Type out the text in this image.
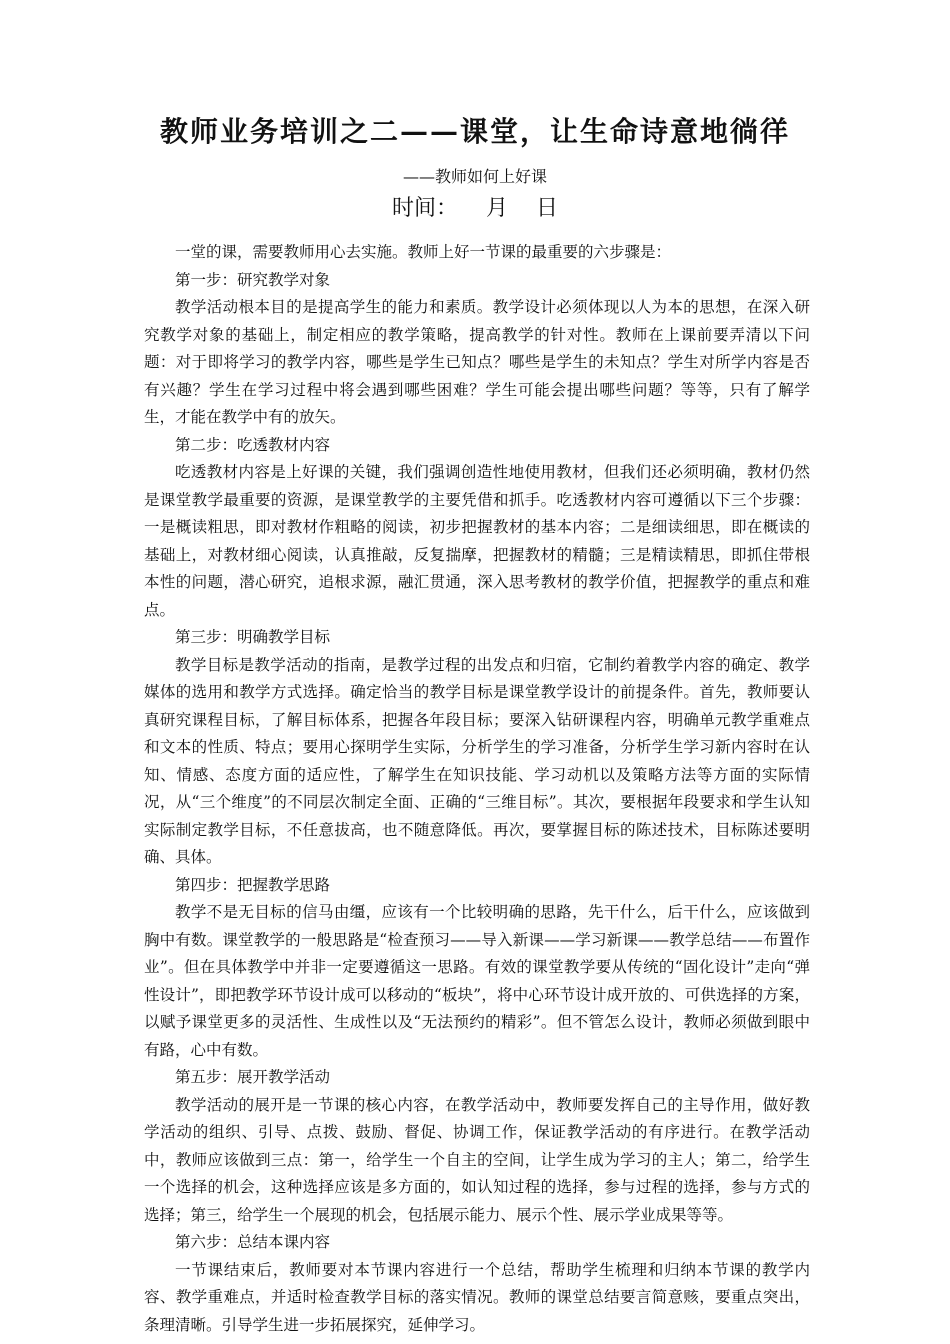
教师业务培训之二——课堂，让生命诗意地徜徉
——教师如何上好课
时间：    月    日

一堂的课，需要教师用心去实施。教师上好一节课的最重要的六步骤是：

第一步：研究教学对象

教学活动根本目的是提高学生的能力和素质。教学设计必须体现以人为本的思想，在深入研究教学对象的基础上，制定相应的教学策略，提高教学的针对性。教师在上课前要弄清以下问题：对于即将学习的教学内容，哪些是学生已知点？哪些是学生的未知点？学生对所学内容是否有兴趣？学生在学习过程中将会遇到哪些困难？学生可能会提出哪些问题？等等，只有了解学生，才能在教学中有的放矢。

第二步：吃透教材内容

吃透教材内容是上好课的关键，我们强调创造性地使用教材，但我们还必须明确，教材仍然是课堂教学最重要的资源，是课堂教学的主要凭借和抓手。吃透教材内容可遵循以下三个步骤：一是概读粗思，即对教材作粗略的阅读，初步把握教材的基本内容；二是细读细思，即在概读的基础上，对教材细心阅读，认真推敲，反复揣摩，把握教材的精髓；三是精读精思，即抓住带根本性的问题，潜心研究，追根求源，融汇贯通，深入思考教材的教学价值，把握教学的重点和难点。

第三步：明确教学目标

教学目标是教学活动的指南，是教学过程的出发点和归宿，它制约着教学内容的确定、教学媒体的选用和教学方式选择。确定恰当的教学目标是课堂教学设计的前提条件。首先，教师要认真研究课程目标，了解目标体系，把握各年段目标；要深入钻研课程内容，明确单元教学重难点和文本的性质、特点；要用心探明学生实际，分析学生的学习准备，分析学生学习新内容时在认知、情感、态度方面的适应性，了解学生在知识技能、学习动机以及策略方法等方面的实际情况，从“三个维度”的不同层次制定全面、正确的“三维目标”。其次，要根据年段要求和学生认知实际制定教学目标，不任意拔高，也不随意降低。再次，要掌握目标的陈述技术，目标陈述要明确、具体。

第四步：把握教学思路

教学不是无目标的信马由缰，应该有一个比较明确的思路，先干什么，后干什么，应该做到胸中有数。课堂教学的一般思路是“检查预习——导入新课——学习新课——教学总结——布置作业”。但在具体教学中并非一定要遵循这一思路。有效的课堂教学要从传统的“固化设计”走向“弹性设计”，即把教学环节设计成可以移动的“板块”，将中心环节设计成开放的、可供选择的方案，以赋予课堂更多的灵活性、生成性以及“无法预约的精彩”。但不管怎么设计，教师必须做到眼中有路，心中有数。

第五步：展开教学活动

教学活动的展开是一节课的核心内容，在教学活动中，教师要发挥自己的主导作用，做好教学活动的组织、引导、点拨、鼓励、督促、协调工作，保证教学活动的有序进行。在教学活动中，教师应该做到三点：第一，给学生一个自主的空间，让学生成为学习的主人；第二，给学生一个选择的机会，这种选择应该是多方面的，如认知过程的选择，参与过程的选择，参与方式的选择；第三，给学生一个展现的机会，包括展示能力、展示个性、展示学业成果等等。

第六步：总结本课内容

一节课结束后，教师要对本节课内容进行一个总结，帮助学生梳理和归纳本节课的教学内容、教学重难点，并适时检查教学目标的落实情况。教师的课堂总结要言简意赅，要重点突出，条理清晰。引导学生进一步拓展探究，延伸学习。
